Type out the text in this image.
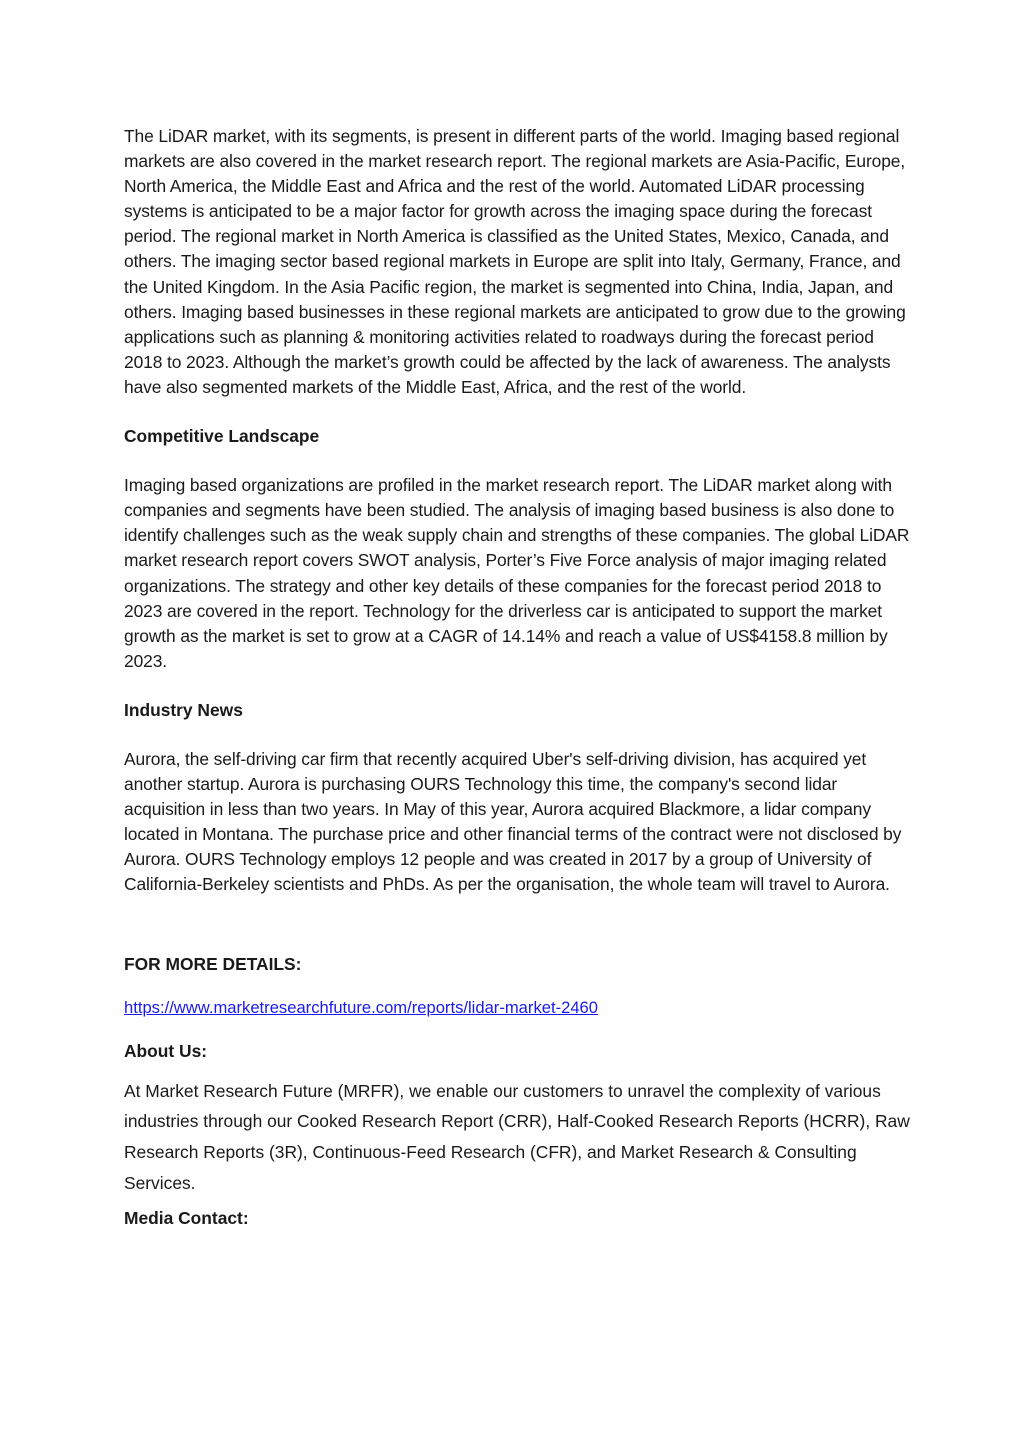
The LiDAR market, with its segments, is present in different parts of the world. Imaging based regional markets are also covered in the market research report. The regional markets are Asia-Pacific, Europe, North America, the Middle East and Africa and the rest of the world. Automated LiDAR processing systems is anticipated to be a major factor for growth across the imaging space during the forecast period. The regional market in North America is classified as the United States, Mexico, Canada, and others. The imaging sector based regional markets in Europe are split into Italy, Germany, France, and the United Kingdom. In the Asia Pacific region, the market is segmented into China, India, Japan, and others. Imaging based businesses in these regional markets are anticipated to grow due to the growing applications such as planning & monitoring activities related to roadways during the forecast period 2018 to 2023. Although the market’s growth could be affected by the lack of awareness. The analysts have also segmented markets of the Middle East, Africa, and the rest of the world.

Competitive Landscape

Imaging based organizations are profiled in the market research report. The LiDAR market along with companies and segments have been studied. The analysis of imaging based business is also done to identify challenges such as the weak supply chain and strengths of these companies. The global LiDAR market research report covers SWOT analysis, Porter’s Five Force analysis of major imaging related organizations. The strategy and other key details of these companies for the forecast period 2018 to 2023 are covered in the report. Technology for the driverless car is anticipated to support the market growth as the market is set to grow at a CAGR of 14.14% and reach a value of US$4158.8 million by 2023.

Industry News

Aurora, the self-driving car firm that recently acquired Uber's self-driving division, has acquired yet another startup. Aurora is purchasing OURS Technology this time, the company's second lidar acquisition in less than two years. In May of this year, Aurora acquired Blackmore, a lidar company located in Montana. The purchase price and other financial terms of the contract were not disclosed by Aurora. OURS Technology employs 12 people and was created in 2017 by a group of University of California-Berkeley scientists and PhDs. As per the organisation, the whole team will travel to Aurora.

FOR MORE DETAILS:

https://www.marketresearchfuture.com/reports/lidar-market-2460

About Us:

At Market Research Future (MRFR), we enable our customers to unravel the complexity of various industries through our Cooked Research Report (CRR), Half-Cooked Research Reports (HCRR), Raw Research Reports (3R), Continuous-Feed Research (CFR), and Market Research & Consulting Services.

Media Contact:
